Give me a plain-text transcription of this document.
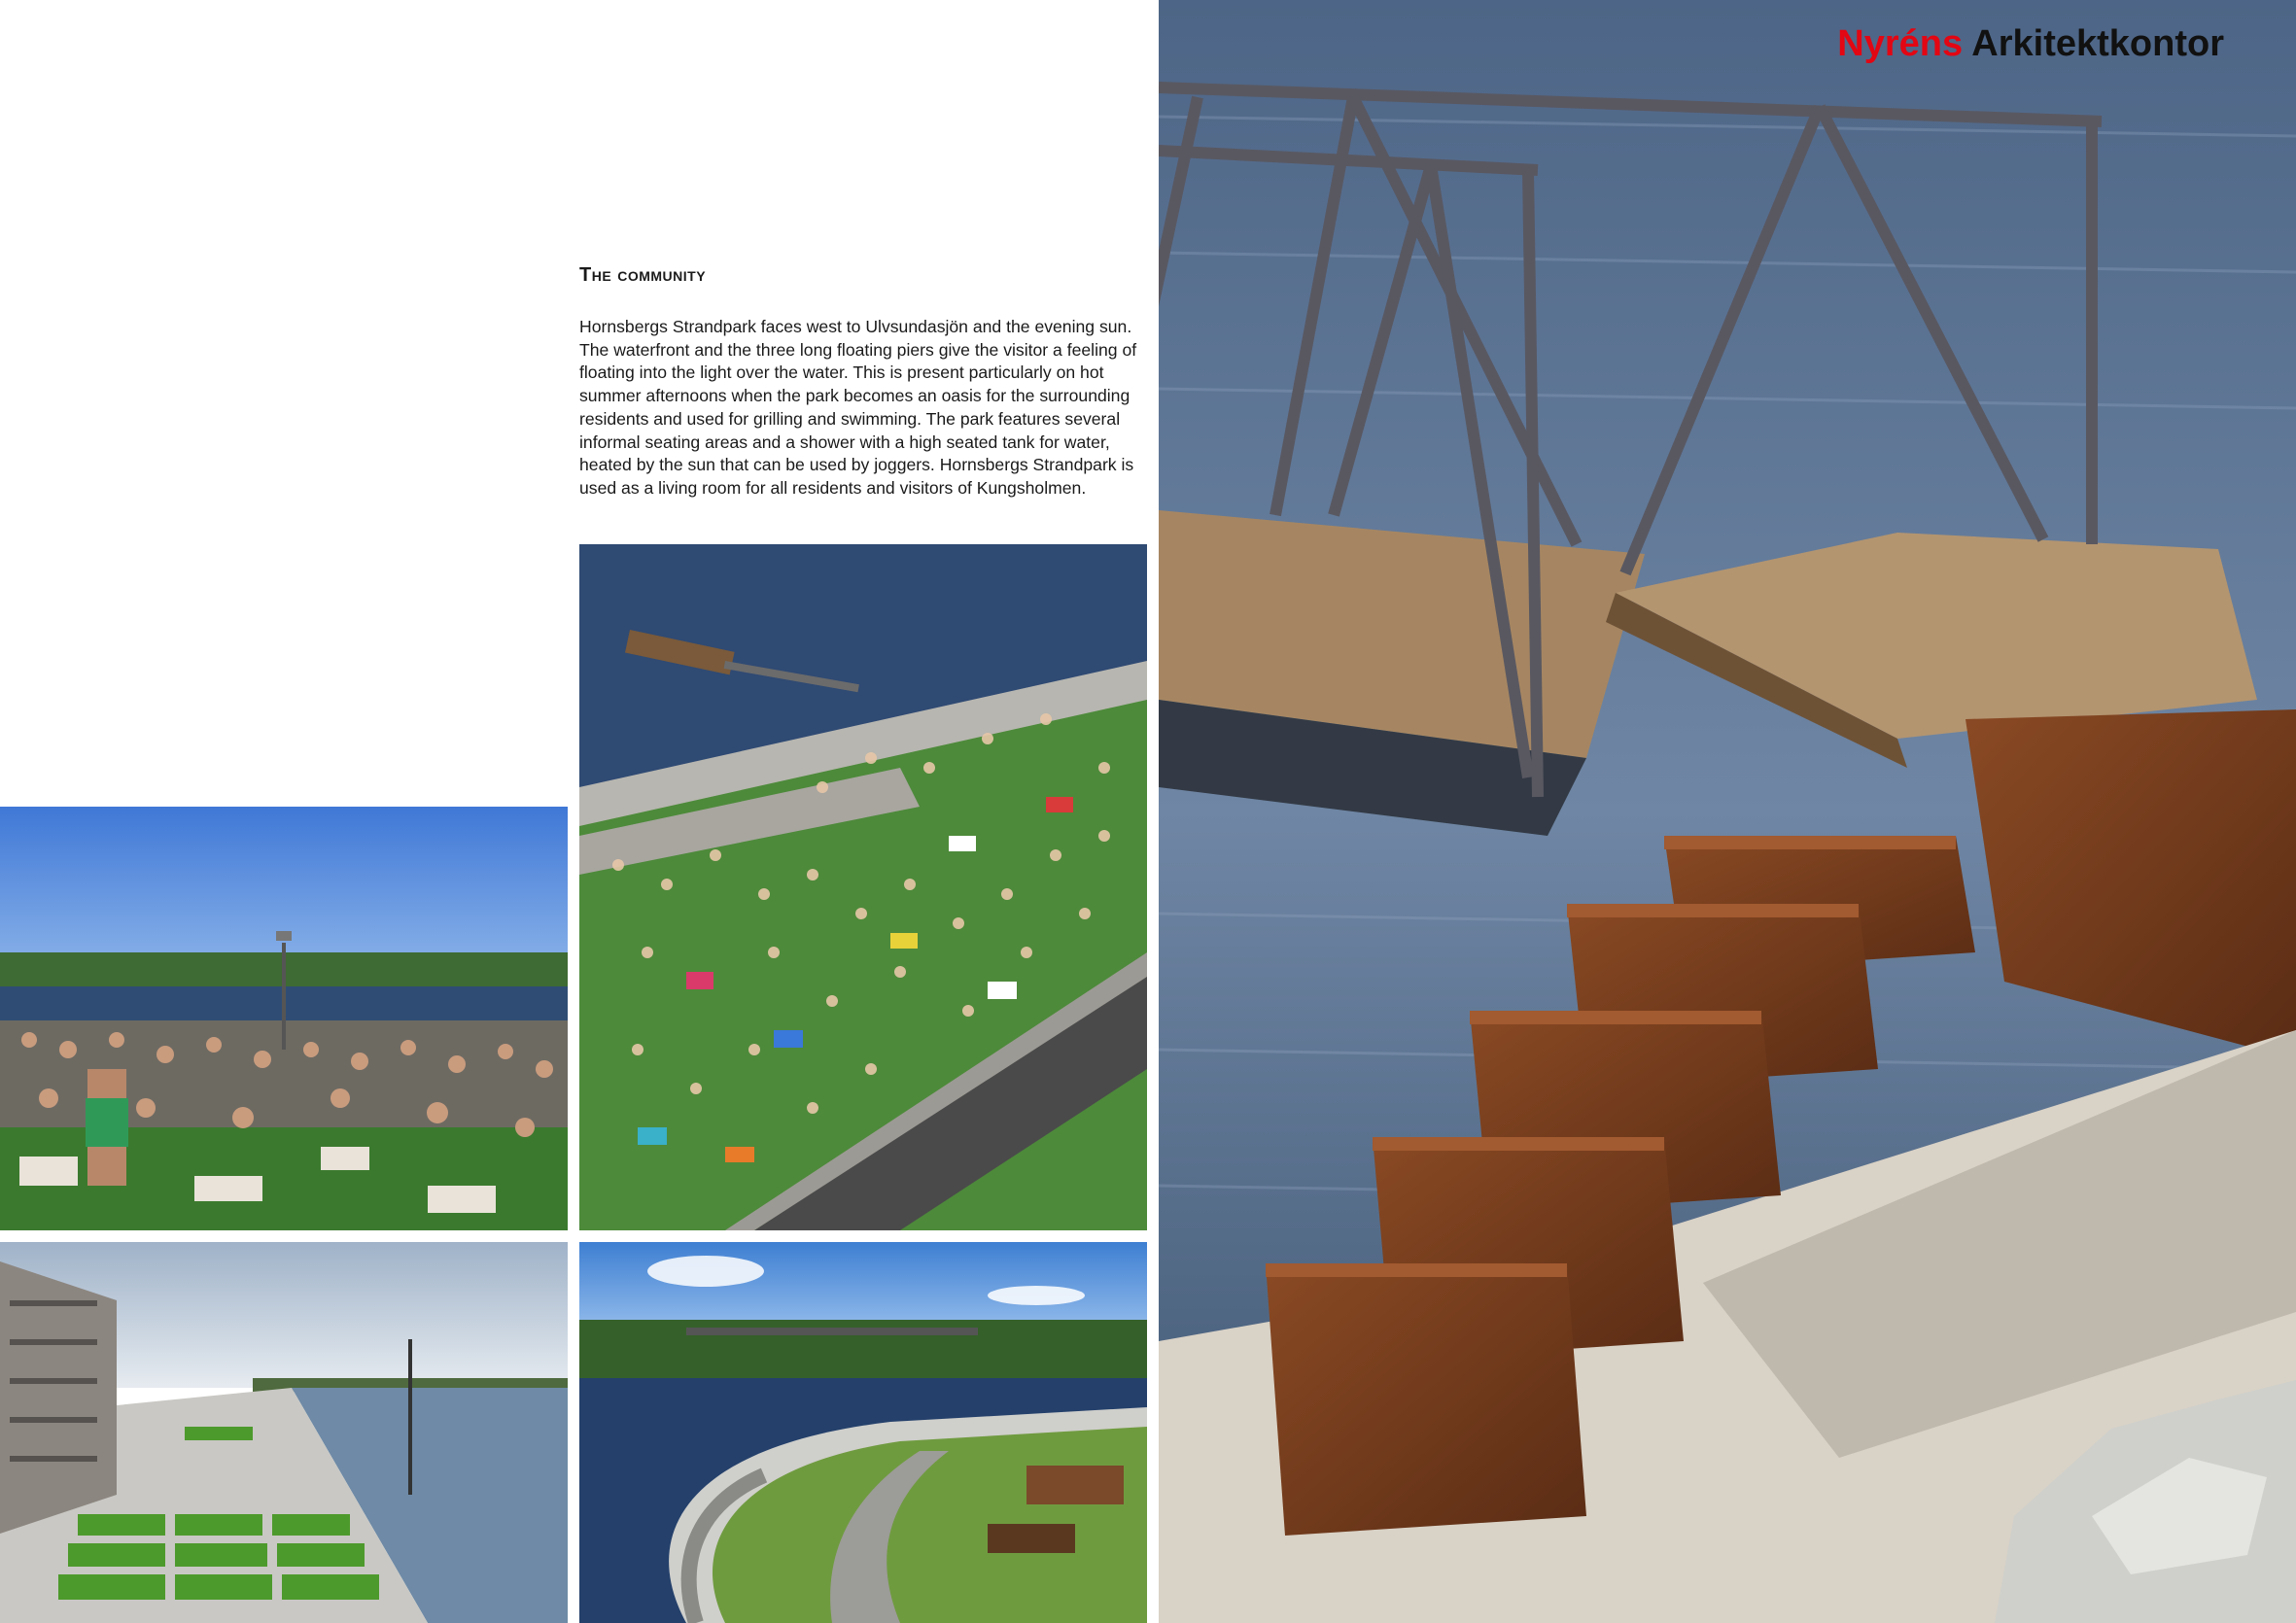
The community

Hornsbergs Strandpark faces west to Ulvsundasjön and the evening sun. The waterfront and the three long floating piers give the visitor a feeling of floating into the light over the water. This is present particularly on hot summer afternoons when the park becomes an oasis for the surrounding residents and used for grilling and swimming. The park features several informal seating areas and a shower with a high seated tank for water, heated by the sun that can be used by joggers. Hornsbergs Strandpark is used as a living room for all residents and visitors of Kungsholmen.

Nyréns Arkitektkontor
